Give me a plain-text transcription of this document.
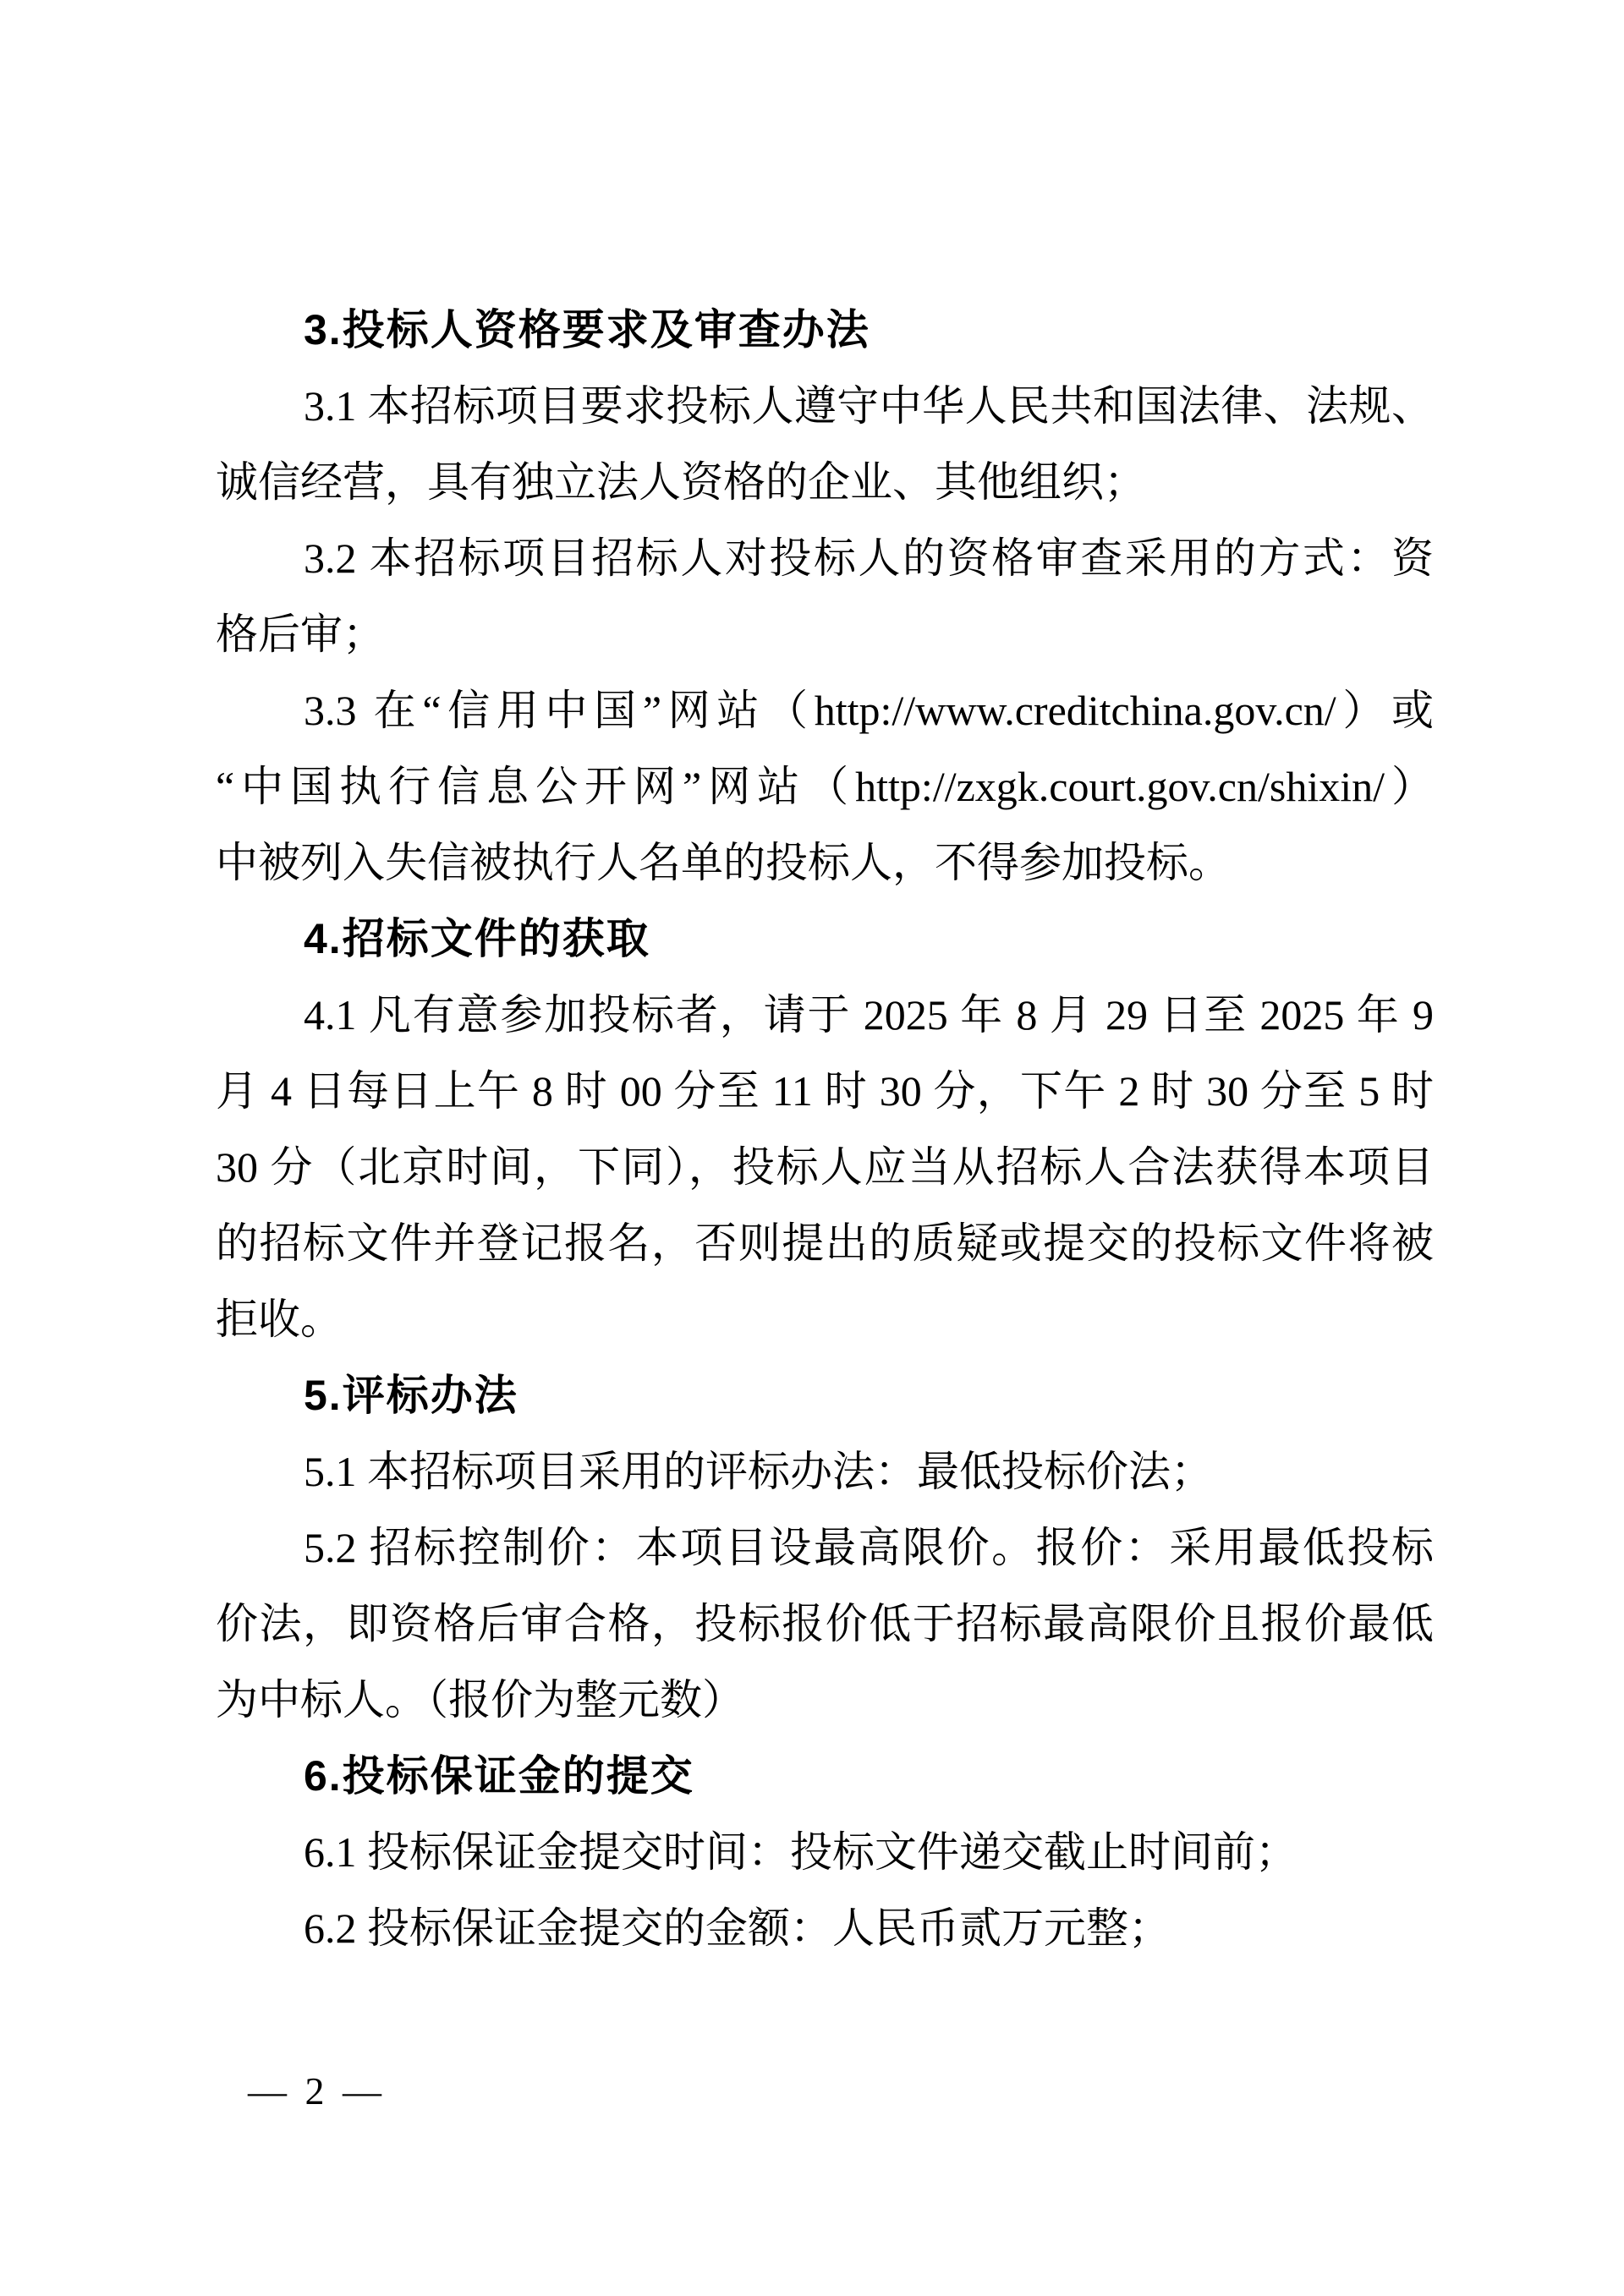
3.投标人资格要求及审查办法
3.1 本招标项目要求投标人遵守中华人民共和国法律、法规、
诚信经营，具有独立法人资格的企业、其他组织；
3.2 本招标项目招标人对投标人的资格审查采用的方式：资
格后审；
3.3 在“信用中国”网站（http://www.creditchina.gov.cn/）或
“中国执行信息公开网”网站（http://zxgk.court.gov.cn/shixin/）
中被列入失信被执行人名单的投标人，不得参加投标。
4.招标文件的获取
4.1 凡有意参加投标者，请于 2025 年 8 月 29 日至 2025 年 9
月 4 日每日上午 8 时 00 分至 11 时 30 分，下午 2 时 30 分至 5 时
30 分（北京时间，下同），投标人应当从招标人合法获得本项目
的招标文件并登记报名，否则提出的质疑或提交的投标文件将被
拒收。
5.评标办法
5.1 本招标项目采用的评标办法：最低投标价法；
5.2 招标控制价：本项目设最高限价。报价：采用最低投标
价法，即资格后审合格，投标报价低于招标最高限价且报价最低
为中标人。（报价为整元数）
6.投标保证金的提交
6.1 投标保证金提交时间：投标文件递交截止时间前；
6.2 投标保证金提交的金额：人民币贰万元整；
— 2 —
